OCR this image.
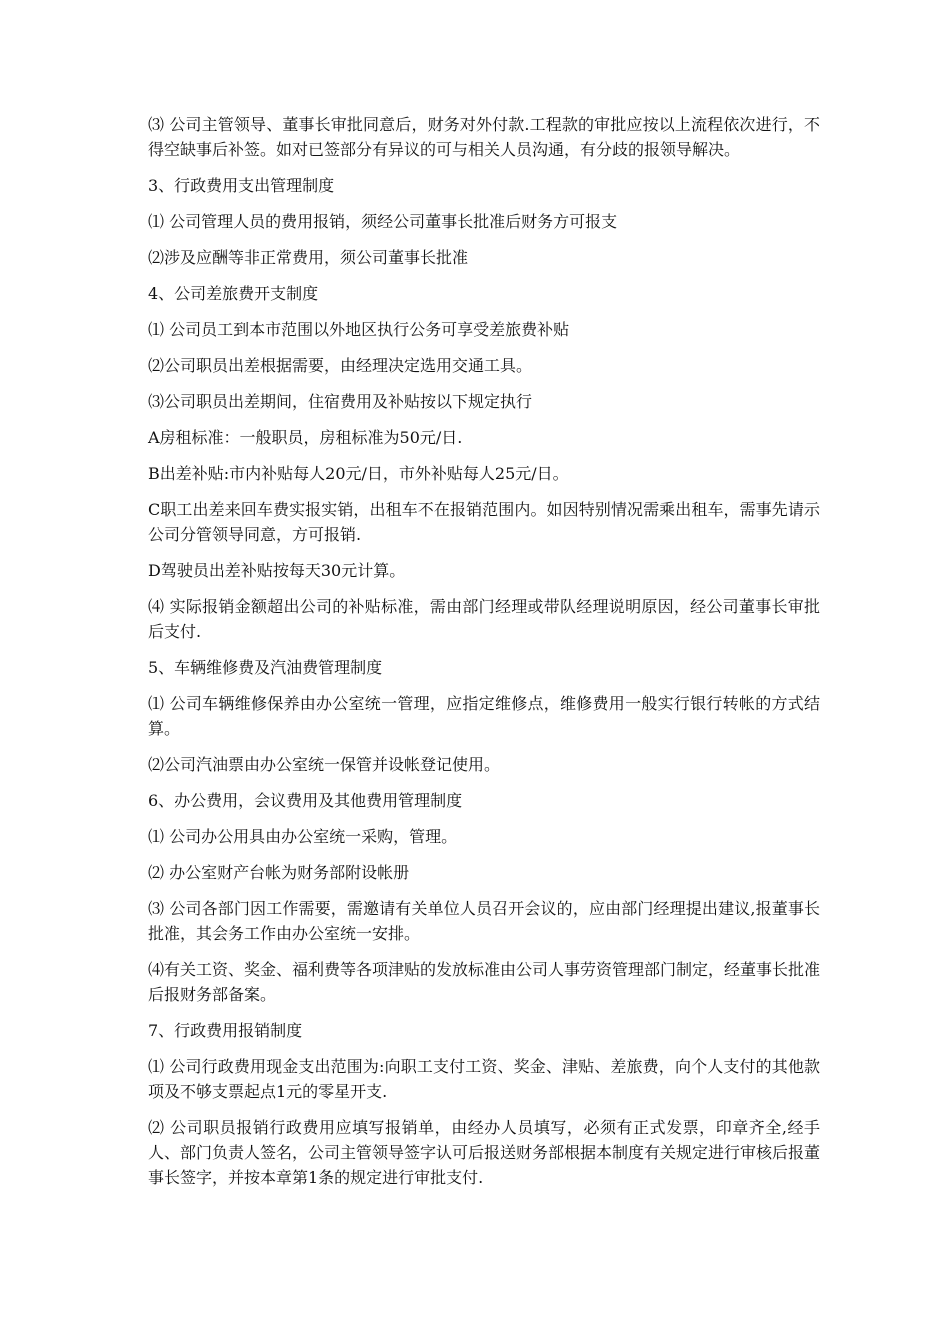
⑶ 公司主管领导、董事长审批同意后，财务对外付款.工程款的审批应按以上流程依次进行，不得空缺事后补签。如对已签部分有异议的可与相关人员沟通，有分歧的报领导解决。

3、行政费用支出管理制度

⑴ 公司管理人员的费用报销，须经公司董事长批准后财务方可报支

⑵涉及应酬等非正常费用，须公司董事长批准

4、公司差旅费开支制度

⑴ 公司员工到本市范围以外地区执行公务可享受差旅费补贴

⑵公司职员出差根据需要，由经理决定选用交通工具。

⑶公司职员出差期间，住宿费用及补贴按以下规定执行

A房租标准：一般职员，房租标准为50元/日.

B出差补贴:市内补贴每人20元/日，市外补贴每人25元/日。

C职工出差来回车费实报实销，出租车不在报销范围内。如因特别情况需乘出租车，需事先请示公司分管领导同意，方可报销.

D驾驶员出差补贴按每天30元计算。

⑷ 实际报销金额超出公司的补贴标准，需由部门经理或带队经理说明原因，经公司董事长审批后支付.

5、车辆维修费及汽油费管理制度

⑴ 公司车辆维修保养由办公室统一管理，应指定维修点，维修费用一般实行银行转帐的方式结算。

⑵公司汽油票由办公室统一保管并设帐登记使用。

6、办公费用，会议费用及其他费用管理制度

⑴ 公司办公用具由办公室统一采购，管理。

⑵ 办公室财产台帐为财务部附设帐册

⑶ 公司各部门因工作需要，需邀请有关单位人员召开会议的，应由部门经理提出建议,报董事长批准，其会务工作由办公室统一安排。

⑷有关工资、奖金、福利费等各项津贴的发放标准由公司人事劳资管理部门制定，经董事长批准后报财务部备案。

7、行政费用报销制度

⑴ 公司行政费用现金支出范围为:向职工支付工资、奖金、津贴、差旅费，向个人支付的其他款项及不够支票起点1元的零星开支.

⑵ 公司职员报销行政费用应填写报销单，由经办人员填写，必须有正式发票，印章齐全,经手人、部门负责人签名，公司主管领导签字认可后报送财务部根据本制度有关规定进行审核后报董事长签字，并按本章第1条的规定进行审批支付.
